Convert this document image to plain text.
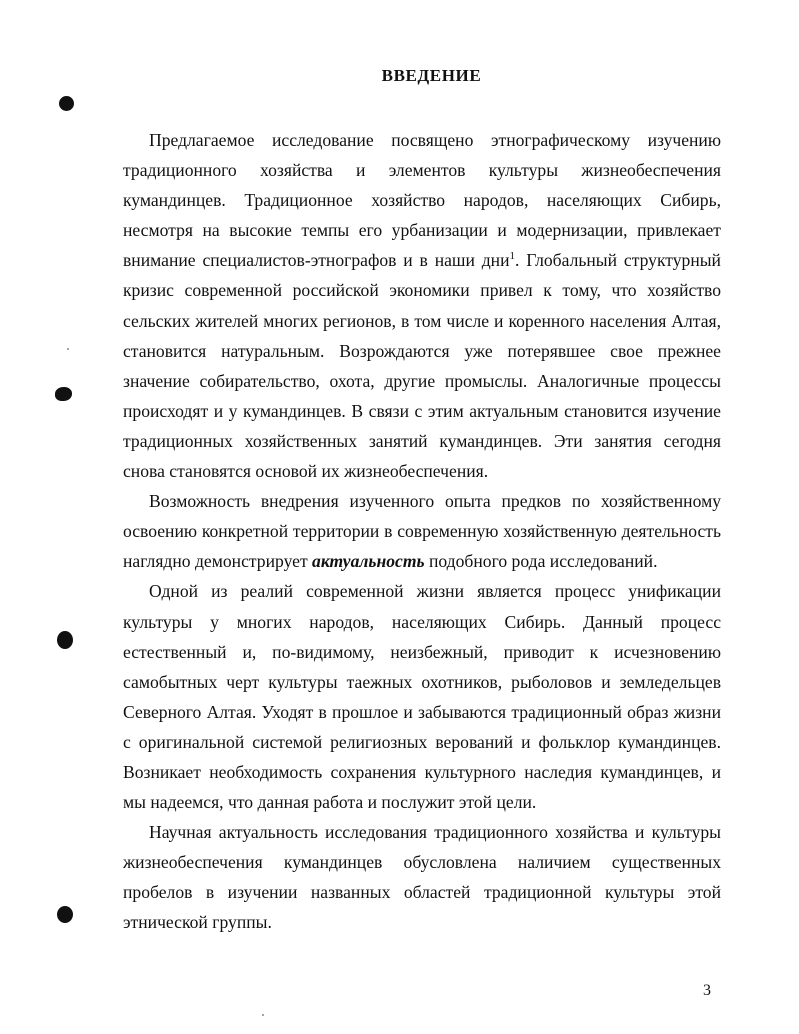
ВВЕДЕНИЕ

Предлагаемое исследование посвящено этнографическому изучению традиционного хозяйства и элементов культуры жизнеобеспечения кумандинцев. Традиционное хозяйство народов, населяющих Сибирь, несмотря на высокие темпы его урбанизации и модернизации, привлекает внимание специалистов-этнографов и в наши дни$^1$. Глобальный структурный кризис современной российской экономики привел к тому, что хозяйство сельских жителей многих регионов, в том числе и коренного населения Алтая, становится натуральным. Возрождаются уже потерявшее свое прежнее значение собирательство, охота, другие промыслы. Аналогичные процессы происходят и у кумандинцев. В связи с этим актуальным становится изучение традиционных хозяйственных занятий кумандинцев. Эти занятия сегодня снова становятся основой их жизнеобеспечения.

Возможность внедрения изученного опыта предков по хозяйственному освоению конкретной территории в современную хозяйственную деятельность наглядно демонстрирует актуальность подобного рода исследований.

Одной из реалий современной жизни является процесс унификации культуры у многих народов, населяющих Сибирь. Данный процесс естественный и, по-видимому, неизбежный, приводит к исчезновению самобытных черт культуры таежных охотников, рыболовов и земледельцев Северного Алтая. Уходят в прошлое и забываются традиционный образ жизни с оригинальной системой религиозных верований и фольклор кумандинцев. Возникает необходимость сохранения культурного наследия кумандинцев, и мы надеемся, что данная работа и послужит этой цели.

Научная актуальность исследования традиционного хозяйства и культуры жизнеобеспечения кумандинцев обусловлена наличием существенных пробелов в изучении названных областей традиционной культуры этой этнической группы.

3
